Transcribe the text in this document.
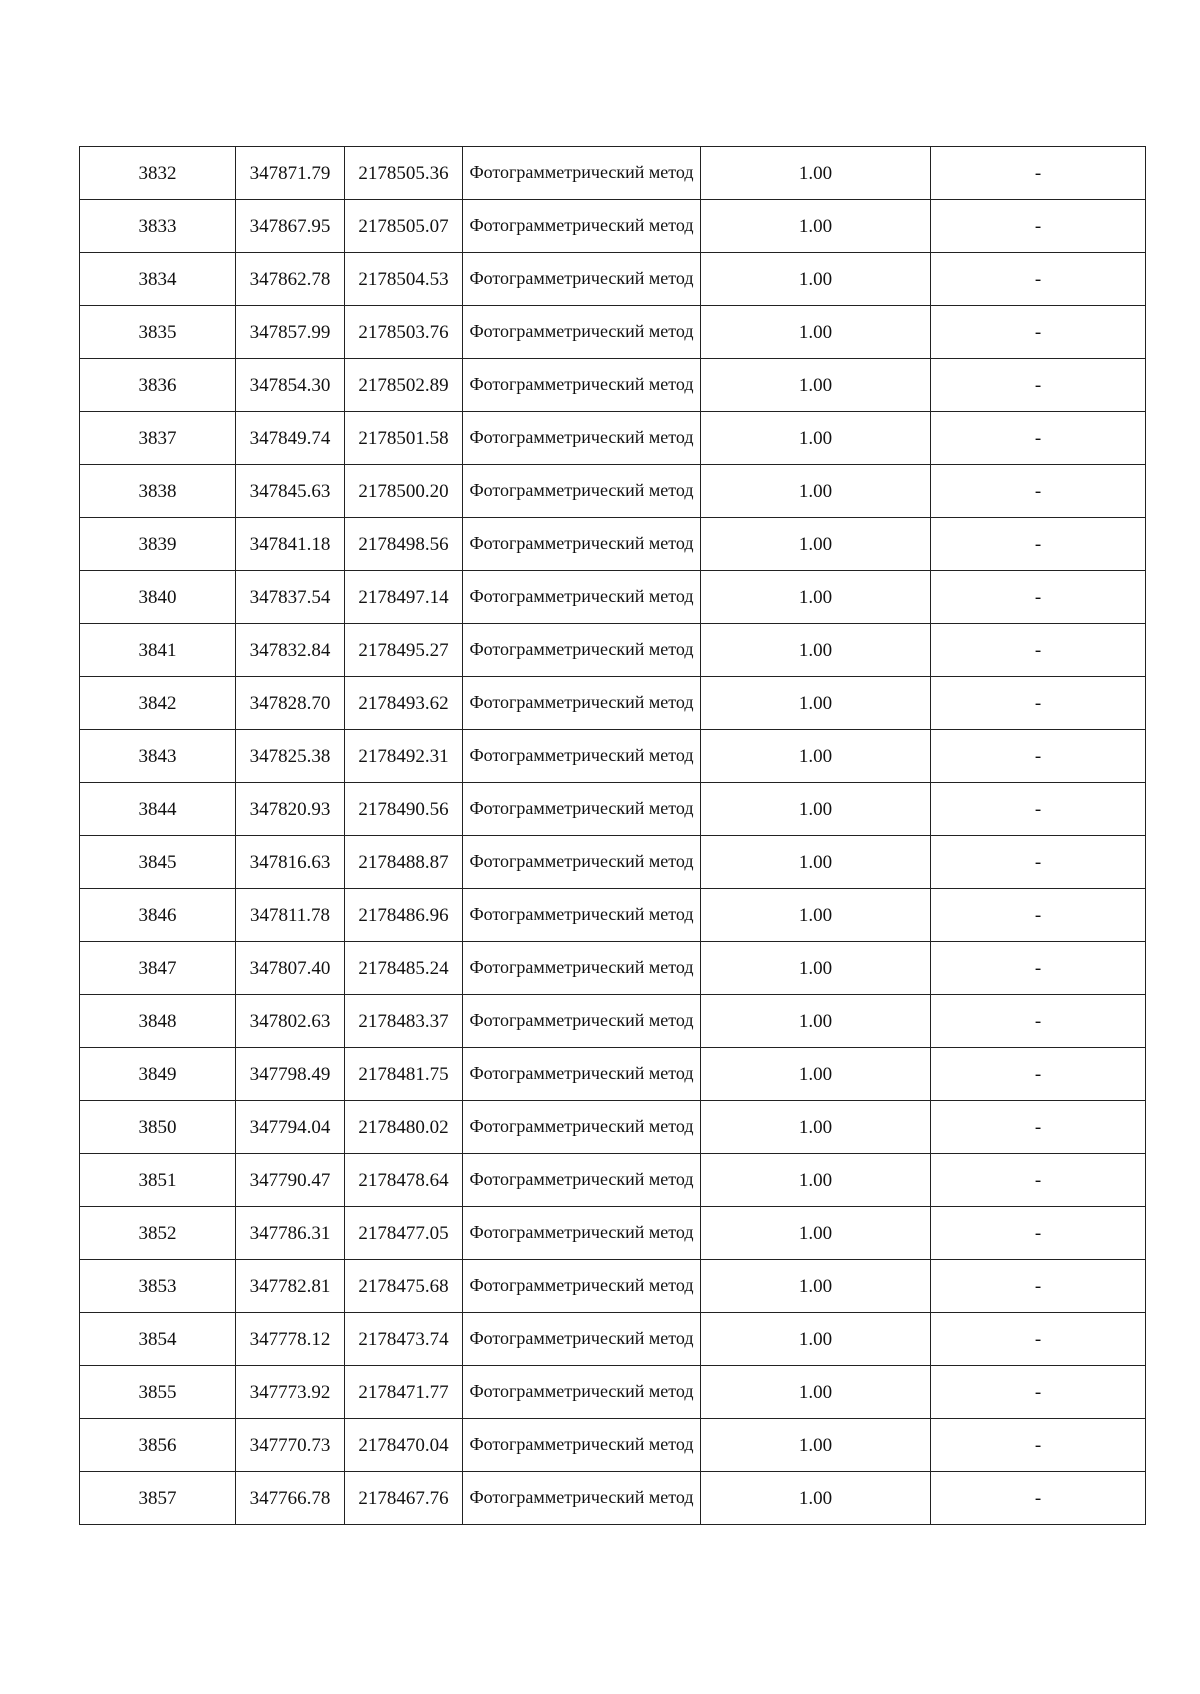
3832	347871.79	2178505.36	Фотограмметрический метод	1.00	-
3833	347867.95	2178505.07	Фотограмметрический метод	1.00	-
3834	347862.78	2178504.53	Фотограмметрический метод	1.00	-
3835	347857.99	2178503.76	Фотограмметрический метод	1.00	-
3836	347854.30	2178502.89	Фотограмметрический метод	1.00	-
3837	347849.74	2178501.58	Фотограмметрический метод	1.00	-
3838	347845.63	2178500.20	Фотограмметрический метод	1.00	-
3839	347841.18	2178498.56	Фотограмметрический метод	1.00	-
3840	347837.54	2178497.14	Фотограмметрический метод	1.00	-
3841	347832.84	2178495.27	Фотограмметрический метод	1.00	-
3842	347828.70	2178493.62	Фотограмметрический метод	1.00	-
3843	347825.38	2178492.31	Фотограмметрический метод	1.00	-
3844	347820.93	2178490.56	Фотограмметрический метод	1.00	-
3845	347816.63	2178488.87	Фотограмметрический метод	1.00	-
3846	347811.78	2178486.96	Фотограмметрический метод	1.00	-
3847	347807.40	2178485.24	Фотограмметрический метод	1.00	-
3848	347802.63	2178483.37	Фотограмметрический метод	1.00	-
3849	347798.49	2178481.75	Фотограмметрический метод	1.00	-
3850	347794.04	2178480.02	Фотограмметрический метод	1.00	-
3851	347790.47	2178478.64	Фотограмметрический метод	1.00	-
3852	347786.31	2178477.05	Фотограмметрический метод	1.00	-
3853	347782.81	2178475.68	Фотограмметрический метод	1.00	-
3854	347778.12	2178473.74	Фотограмметрический метод	1.00	-
3855	347773.92	2178471.77	Фотограмметрический метод	1.00	-
3856	347770.73	2178470.04	Фотограмметрический метод	1.00	-
3857	347766.78	2178467.76	Фотограмметрический метод	1.00	-
